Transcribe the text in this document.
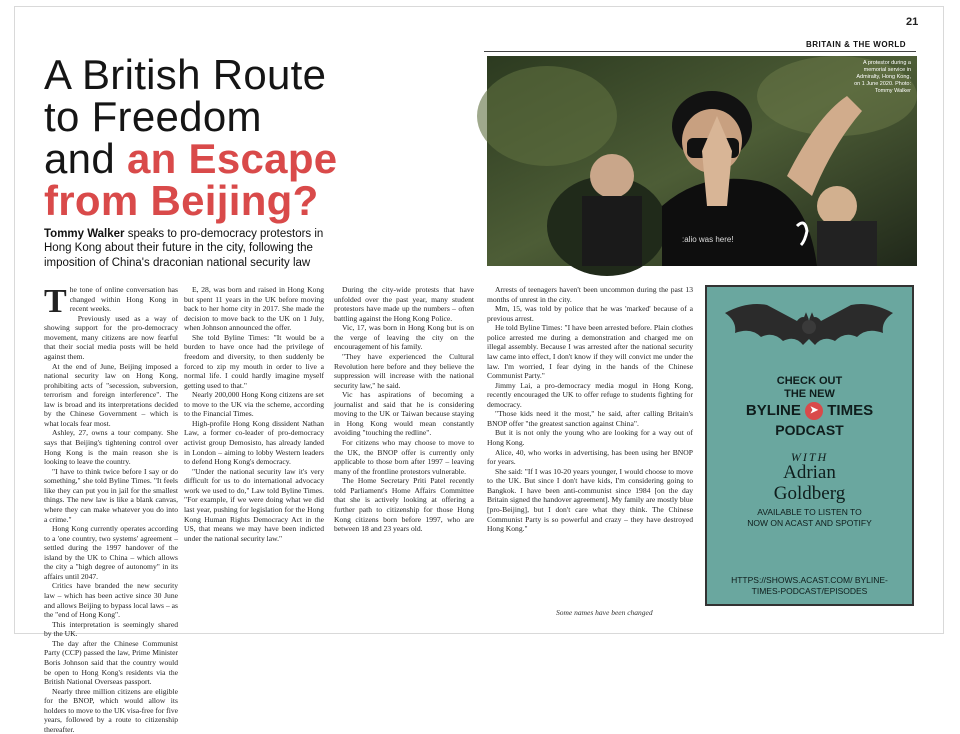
21
BRITAIN & THE WORLD
A British Route
to Freedom
and an Escape
from Beijing?
Tommy Walker speaks to pro-democracy protestors in Hong Kong about their future in the city, following the imposition of China's draconian national security law
:alio was here!
A protestor during a memorial service in Admiralty, Hong Kong, on 1 June 2020. Photo: Tommy Walker

The tone of online conversation has changed within Hong Kong in recent weeks.

Previously used as a way of showing support for the pro-democracy movement, many citizens are now fearful that their social media posts will be held against them.

At the end of June, Beijing imposed a national security law on Hong Kong, prohibiting acts of "secession, subversion, terrorism and foreign interference". The law is broad and its interpretations decided by the Chinese Government – which is what locals fear most.

Ashley, 27, owns a tour company. She says that Beijing's tightening control over Hong Kong is the main reason she is looking to leave the country.

"I have to think twice before I say or do something," she told Byline Times. "It feels like they can put you in jail for the smallest things. The new law is like a blank canvas, where they can make whatever you do into a crime."

Hong Kong currently operates according to a 'one country, two systems' agreement – settled during the 1997 handover of the island by the UK to China – which allows the city a "high degree of autonomy" in its affairs until 2047.

Critics have branded the new security law – which has been active since 30 June and allows Beijing to bypass local laws – as the "end of Hong Kong".

This interpretation is seemingly shared by the UK.

The day after the Chinese Communist Party (CCP) passed the law, Prime Minister Boris Johnson said that the country would be open to Hong Kong's residents via the British National Overseas passport.

Nearly three million citizens are eligible for the BNOP, which would allow its holders to move to the UK visa-free for five years, followed by a route to citizenship thereafter.

E, 28, was born and raised in Hong Kong but spent 11 years in the UK before moving back to her home city in 2017. She made the decision to move back to the UK on 1 July, when Johnson announced the offer.

She told Byline Times: "It would be a burden to have once had the privilege of freedom and diversity, to then suddenly be forced to zip my mouth in order to live a normal life. I could hardly imagine myself getting used to that."

Nearly 200,000 Hong Kong citizens are set to move to the UK via the scheme, according to the Financial Times.

High-profile Hong Kong dissident Nathan Law, a former co-leader of pro-democracy activist group Demosisto, has already landed in London – aiming to lobby Western leaders to defend Hong Kong's democracy.

"Under the national security law it's very difficult for us to do international advocacy work we used to do," Law told Byline Times. "For example, if we were doing what we did last year, pushing for legislation for the Hong Kong Human Rights Democracy Act in the US, that means we may have been indicted under the national security law."

During the city-wide protests that have unfolded over the past year, many student protestors have made up the numbers – often battling against the Hong Kong Police.

Vic, 17, was born in Hong Kong but is on the verge of leaving the city on the encouragement of his family.

"They have experienced the Cultural Revolution here before and they believe the suppression will increase with the national security law," he said.

Vic has aspirations of becoming a journalist and said that he is considering moving to the UK or Taiwan because staying in Hong Kong would mean constantly avoiding "touching the redline".

For citizens who may choose to move to the UK, the BNOP offer is currently only applicable to those born after 1997 – leaving many of the frontline protestors vulnerable.

The Home Secretary Priti Patel recently told Parliament's Home Affairs Committee that she is actively looking at offering a further path to citizenship for those Hong Kong citizens born before 1997, who are between 18 and 23 years old.

Arrests of teenagers haven't been uncommon during the past 13 months of unrest in the city.

Mm, 15, was told by police that he was 'marked' because of a previous arrest.

He told Byline Times: "I have been arrested before. Plain clothes police arrested me during a demonstration and charged me on illegal assembly. Because I was arrested after the national security law came into effect, I don't know if they will convict me under the law. I'm worried, I fear dying in the hands of the Chinese Communist Party."

Jimmy Lai, a pro-democracy media mogul in Hong Kong, recently encouraged the UK to offer refuge to students fighting for democracy.

"Those kids need it the most," he said, after calling Britain's BNOP offer "the greatest sanction against China".

But it is not only the young who are looking for a way out of Hong Kong.

Alice, 40, who works in advertising, has been using her BNOP for years.

She said: "If I was 10-20 years younger, I would choose to move to the UK. But since I don't have kids, I'm considering going to Bangkok. I have been anti-communist since 1984 [on the day Britain signed the handover agreement]. My family are mostly blue [pro-Beijing], but I don't care what they think. The Chinese Communist Party is so powerful and crazy – they have destroyed Hong Kong."

Some names have been changed
CHECK OUT
THE NEW
BYLINE ➤ TIMES
PODCAST
WITH
Adrian
Goldberg
AVAILABLE TO LISTEN TO NOW ON ACAST AND SPOTIFY
HTTPS://SHOWS.ACAST.COM/ BYLINE-TIMES-PODCAST/EPISODES
